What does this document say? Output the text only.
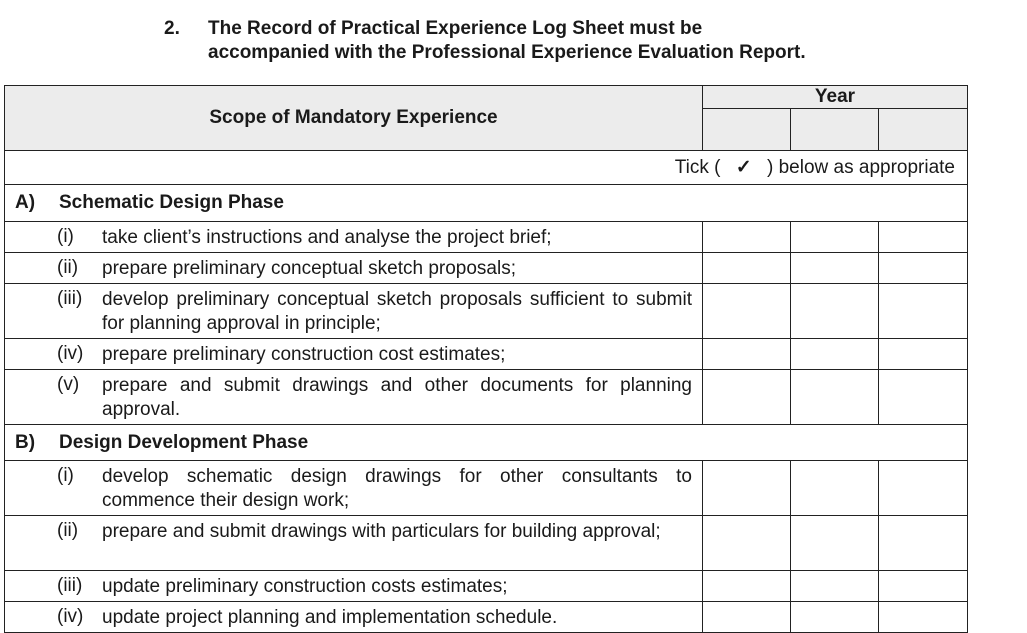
2. The Record of Practical Experience Log Sheet must be
accompanied with the Professional Experience Evaluation Report.
Scope of Mandatory Experience	Year		

Tick ( ✓ ) below as appropriate			

A) Schematic Design Phase			

(i) take client’s instructions and analyse the project brief;			

(ii) prepare preliminary conceptual sketch proposals;			

(iii) develop preliminary conceptual sketch proposals sufficient to submit for planning approval in principle;			

(iv) prepare preliminary construction cost estimates;			

(v) prepare and submit drawings and other documents for planning approval.			

B) Design Development Phase			

(i) develop schematic design drawings for other consultants to commence their design work;			

(ii) prepare and submit drawings with particulars for building approval;			

(iii) update preliminary construction costs estimates;			

(iv) update project planning and implementation schedule.			
